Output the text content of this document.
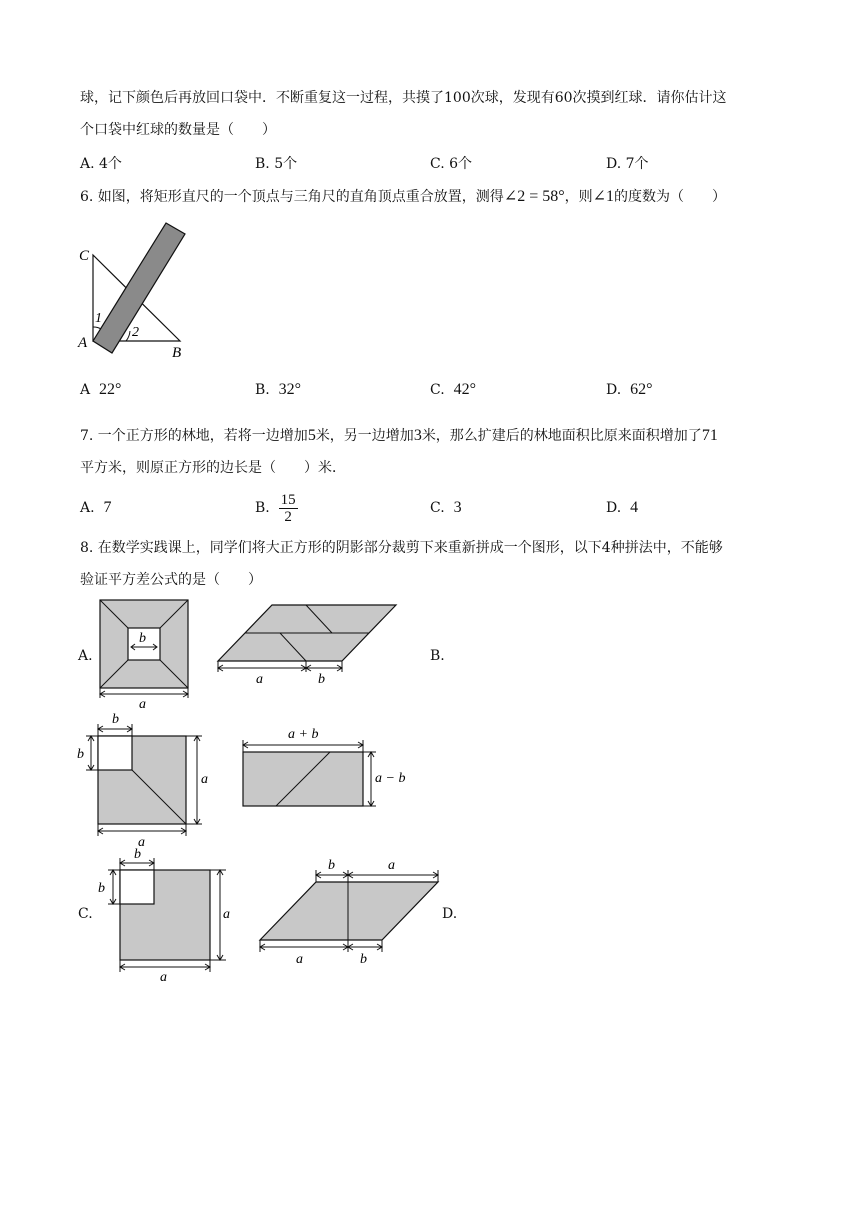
球，记下颜色后再放回口袋中．不断重复这一过程，共摸了100次球，发现有60次摸到红球．请你估计这
个口袋中红球的数量是（　　）
A. 4个	B. 5个	C. 6个	D. 7个
6. 如图，将矩形直尺的一个顶点与三角尺的直角顶点重合放置，测得∠2 = 58°，则∠1的度数为（　　）
C
A
B
1
2
A 22°	B. 32°	C. 42°	D. 62°
7. 一个正方形的林地，若将一边增加5米，另一边增加3米，那么扩建后的林地面积比原来面积增加了71
平方米，则原正方形的边长是（　　）米．
A. 7	B. $\frac{15}{2}$	C. 3	D. 4
8. 在数学实践课上，同学们将大正方形的阴影部分裁剪下来重新拼成一个图形，以下4种拼法中，不能够
验证平方差公式的是（　　）
A.
b
a
a	b
B.
b
b
a
a
a + b
a − b
C.
b
b
a
a
b	a
a	b
D.
